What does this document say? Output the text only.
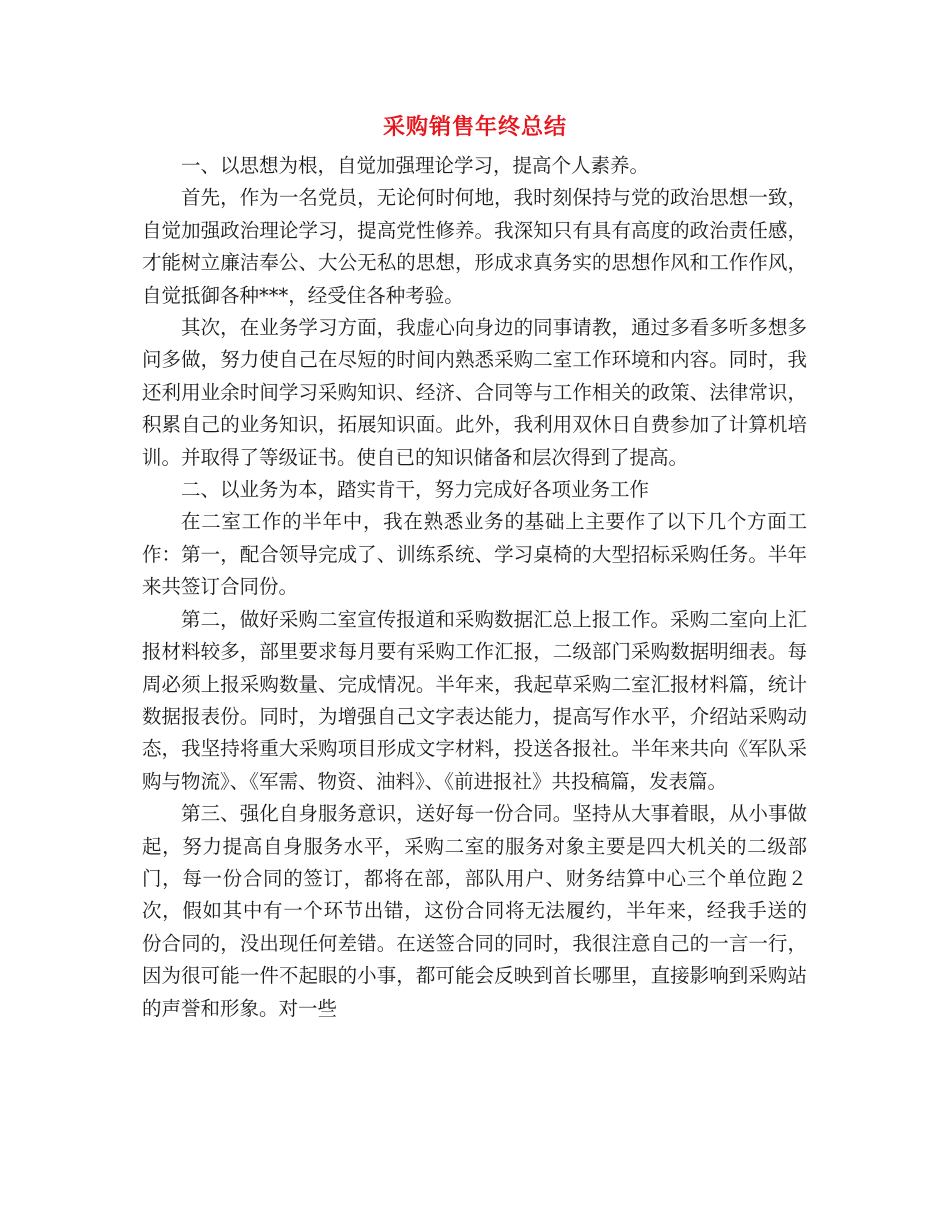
采购销售年终总结

一、以思想为根，自觉加强理论学习，提高个人素养。

首先，作为一名党员，无论何时何地，我时刻保持与党的政治思想一致，自觉加强政治理论学习，提高党性修养。我深知只有具有高度的政治责任感，才能树立廉洁奉公、大公无私的思想，形成求真务实的思想作风和工作作风，自觉抵御各种***，经受住各种考验。

其次，在业务学习方面，我虚心向身边的同事请教，通过多看多听多想多问多做，努力使自己在尽短的时间内熟悉采购二室工作环境和内容。同时，我还利用业余时间学习采购知识、经济、合同等与工作相关的政策、法律常识，积累自己的业务知识，拓展知识面。此外，我利用双休日自费参加了计算机培训。并取得了等级证书。使自已的知识储备和层次得到了提高。

二、以业务为本，踏实肯干，努力完成好各项业务工作

在二室工作的半年中，我在熟悉业务的基础上主要作了以下几个方面工作：第一，配合领导完成了、训练系统、学习桌椅的大型招标采购任务。半年来共签订合同份。

第二，做好采购二室宣传报道和采购数据汇总上报工作。采购二室向上汇报材料较多，部里要求每月要有采购工作汇报，二级部门采购数据明细表。每周必须上报采购数量、完成情况。半年来，我起草采购二室汇报材料篇，统计数据报表份。同时，为增强自己文字表达能力，提高写作水平，介绍站采购动态，我坚持将重大采购项目形成文字材料，投送各报社。半年来共向《军队采购与物流》、《军需、物资、油料》、《前进报社》共投稿篇，发表篇。

第三、强化自身服务意识，送好每一份合同。坚持从大事着眼，从小事做起，努力提高自身服务水平，采购二室的服务对象主要是四大机关的二级部门，每一份合同的签订，都将在部，部队用户、财务结算中心三个单位跑２次，假如其中有一个环节出错，这份合同将无法履约，半年来，经我手送的 份合同的，没出现任何差错。在送签合同的同时，我很注意自己的一言一行，因为很可能一件不起眼的小事，都可能会反映到首长哪里，直接影响到采购站的声誉和形象。对一些
